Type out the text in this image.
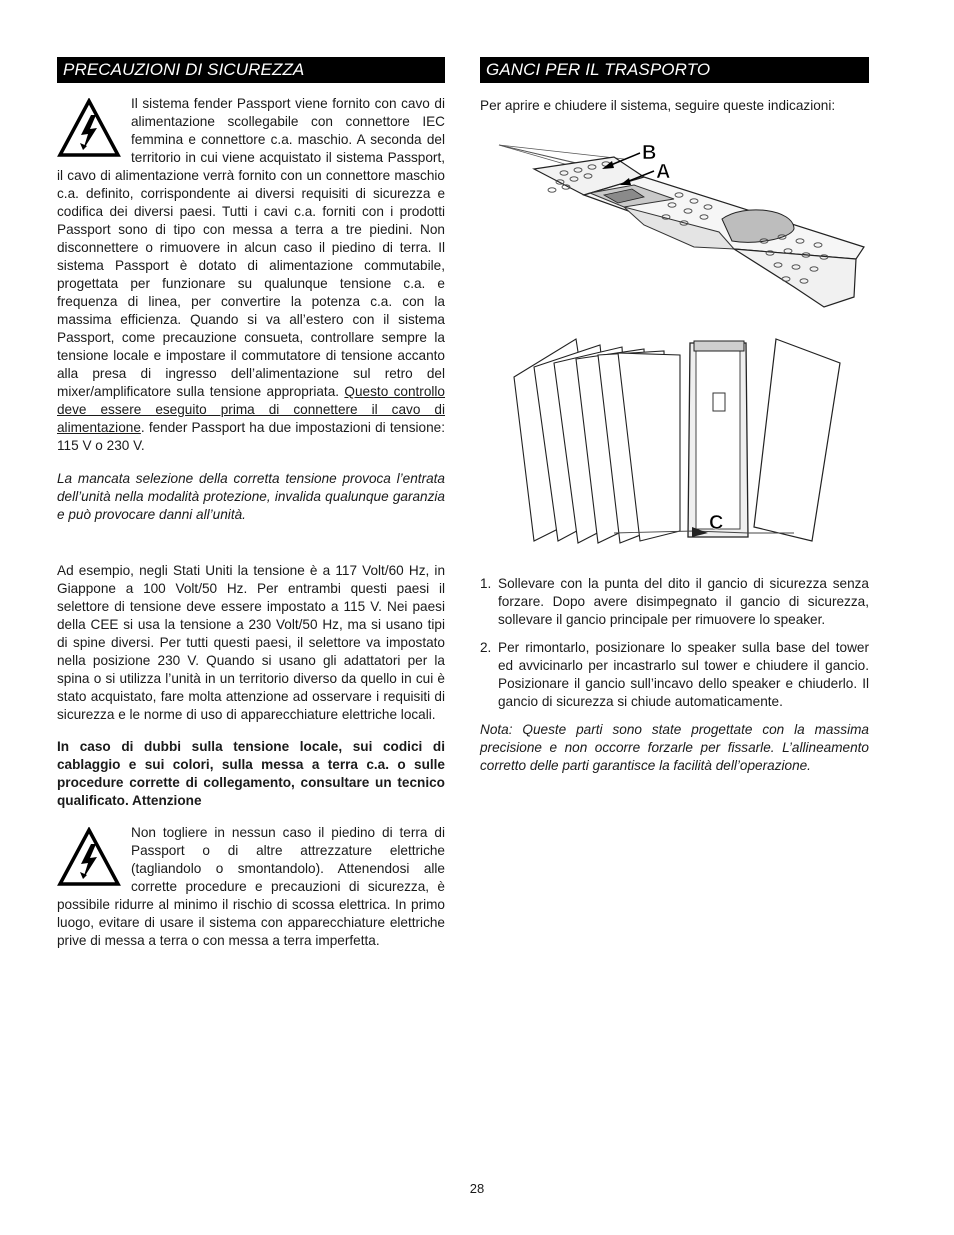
PRECAUZIONI DI SICUREZZA

Il sistema fender Passport viene fornito con cavo di alimentazione scollegabile con connettore IEC femmina e connettore c.a. maschio. A seconda del territorio in cui viene acquistato il sistema Passport, il cavo di alimentazione verrà fornito con un connettore maschio c.a. definito, corrispondente ai diversi requisiti di sicurezza e codifica dei diversi paesi. Tutti i cavi c.a. forniti con i prodotti Passport sono di tipo con messa a terra a tre piedini. Non disconnettere o rimuovere in alcun caso il piedino di terra. Il sistema Passport è dotato di alimentazione commutabile, progettata per funzionare su qualunque tensione c.a. e frequenza di linea, per convertire la potenza c.a. con la massima efficienza. Quando si va all’estero con il sistema Passport, come precauzione consueta, controllare sempre la tensione locale e impostare il commutatore di tensione accanto alla presa di ingresso dell’alimentazione sul retro del mixer/amplificatore sulla tensione appropriata. Questo controllo deve essere eseguito prima di connettere il cavo di alimentazione. fender Passport ha due impostazioni di tensione: 115 V o 230 V.

La mancata selezione della corretta tensione provoca l’entrata dell’unità nella modalità protezione, invalida qualunque garanzia e può provocare danni all’unità.

Ad esempio, negli Stati Uniti la tensione è a 117 Volt/60 Hz, in Giappone a 100 Volt/50 Hz. Per entrambi questi paesi il selettore di tensione deve essere impostato a 115 V. Nei paesi della CEE si usa la tensione a 230 Volt/50 Hz, ma si usano tipi di spine diversi. Per tutti questi paesi, il selettore va impostato nella posizione 230 V. Quando si usano gli adattatori per la spina o si utilizza l’unità in un territorio diverso da quello in cui è stato acquistato, fare molta attenzione ad osservare i requisiti di sicurezza e le norme di uso di apparecchiature elettriche locali.

In caso di dubbi sulla tensione locale, sui codici di cablaggio e sui colori, sulla messa a terra c.a. o sulle procedure corrette di collegamento, consultare un tecnico qualificato. Attenzione

Non togliere in nessun caso il piedino di terra di Passport o di altre attrezzature elettriche (tagliandolo o smontandolo). Attenendosi alle corrette procedure e precauzioni di sicurezza, è possibile ridurre al minimo il rischio di scossa elettrica. In primo luogo, evitare di usare il sistema con apparecchiature elettriche prive di messa a terra o con messa a terra imperfetta.

GANCI PER IL TRASPORTO

Per aprire e chiudere il sistema, seguire queste indicazioni:

B
A
C
1. Sollevare con la punta del dito il gancio di sicurezza senza forzare. Dopo avere disimpegnato il gancio di sicurezza, sollevare il gancio principale per rimuovere lo speaker.
2. Per rimontarlo, posizionare lo speaker sulla base del tower ed avvicinarlo per incastrarlo sul tower e chiudere il gancio. Posizionare il gancio sull’incavo dello speaker e chiuderlo. Il gancio di sicurezza si chiude automaticamente.

Nota: Queste parti sono state progettate con la massima precisione e non occorre forzarle per fissarle. L’allineamento corretto delle parti garantisce la facilità dell’operazione.

28
